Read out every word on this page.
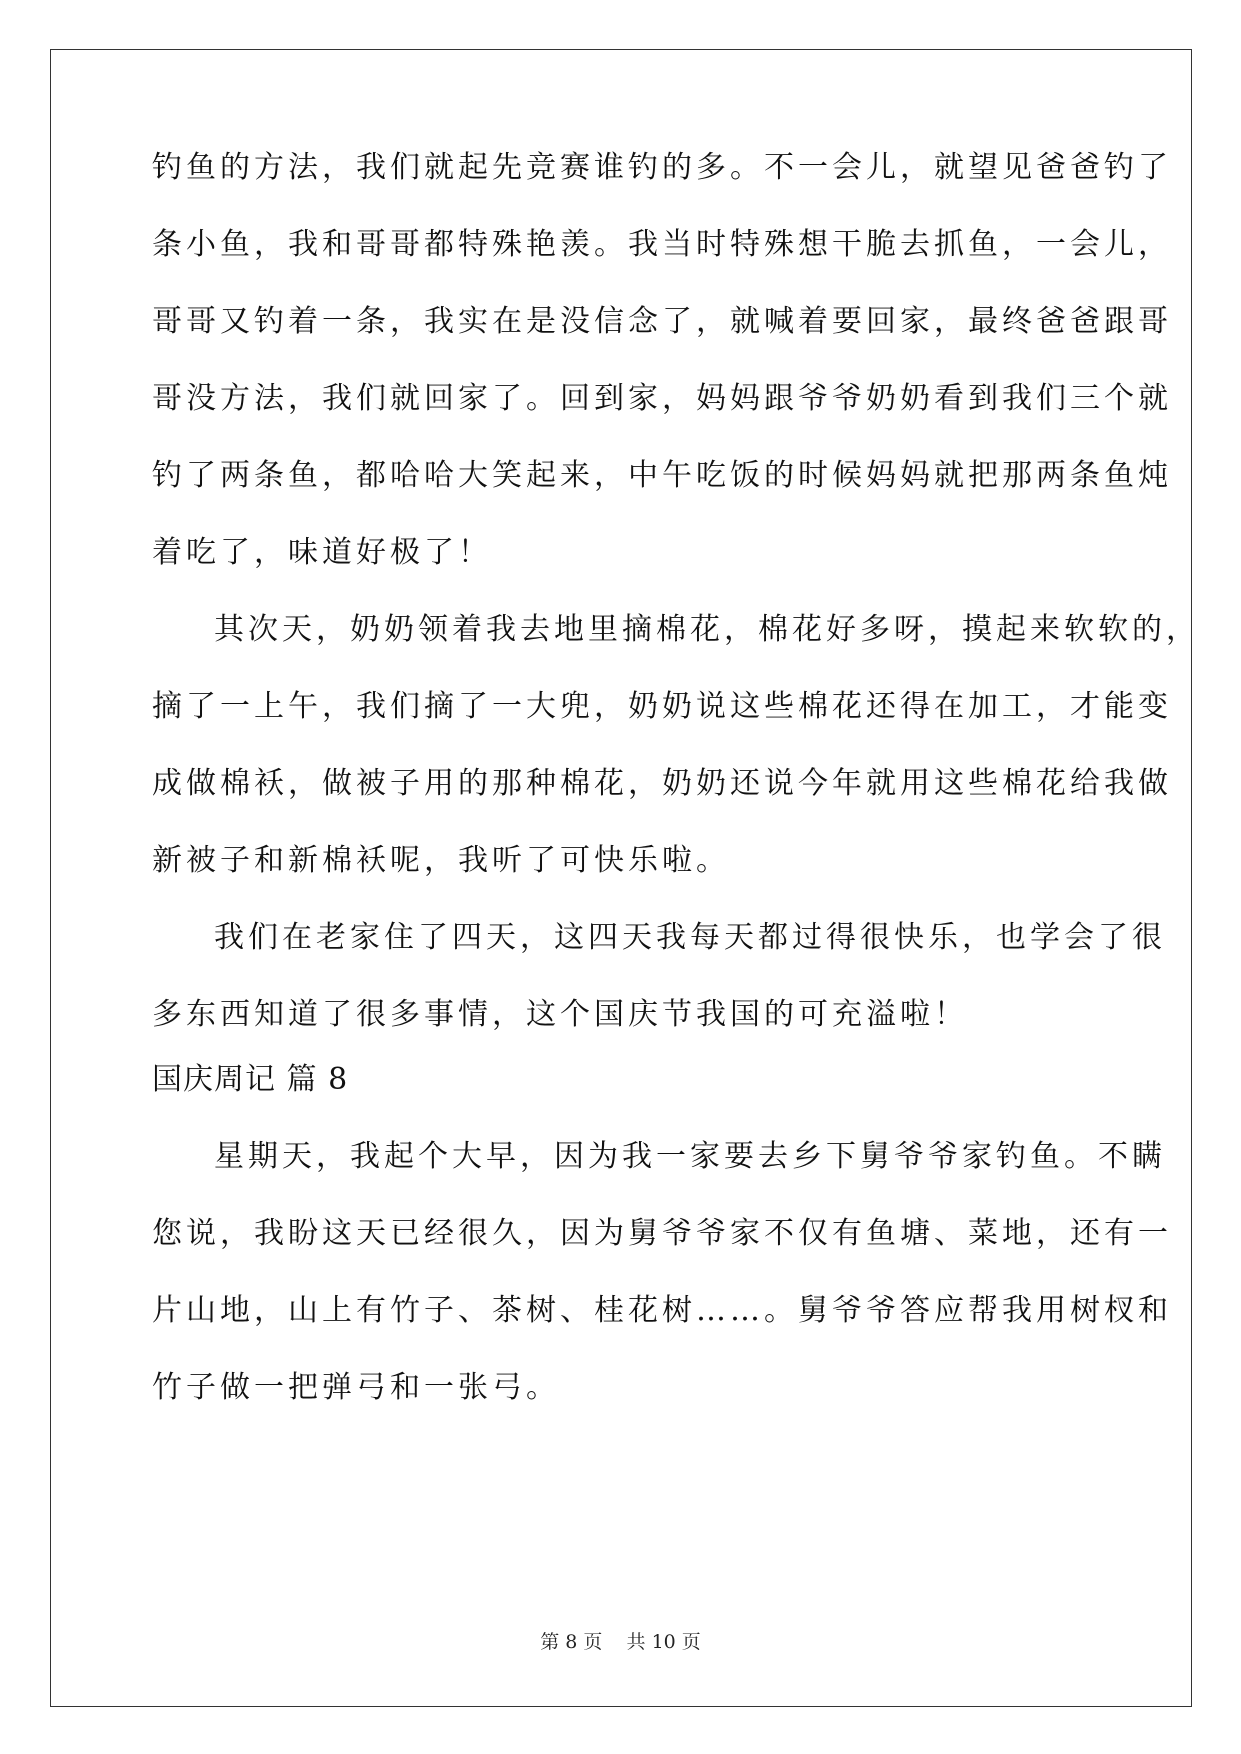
钓鱼的方法，我们就起先竞赛谁钓的多。不一会儿，就望见爸爸钓了
条小鱼，我和哥哥都特殊艳羡。我当时特殊想干脆去抓鱼，一会儿，
哥哥又钓着一条，我实在是没信念了，就喊着要回家，最终爸爸跟哥
哥没方法，我们就回家了。回到家，妈妈跟爷爷奶奶看到我们三个就
钓了两条鱼，都哈哈大笑起来，中午吃饭的时候妈妈就把那两条鱼炖
着吃了，味道好极了！
其次天，奶奶领着我去地里摘棉花，棉花好多呀，摸起来软软的，
摘了一上午，我们摘了一大兜，奶奶说这些棉花还得在加工，才能变
成做棉袄，做被子用的那种棉花，奶奶还说今年就用这些棉花给我做
新被子和新棉袄呢，我听了可快乐啦。
我们在老家住了四天，这四天我每天都过得很快乐，也学会了很
多东西知道了很多事情，这个国庆节我国的可充溢啦！
国庆周记 篇 8
星期天，我起个大早，因为我一家要去乡下舅爷爷家钓鱼。不瞒
您说，我盼这天已经很久，因为舅爷爷家不仅有鱼塘、菜地，还有一
片山地，山上有竹子、茶树、桂花树……。舅爷爷答应帮我用树杈和
竹子做一把弹弓和一张弓。
第 8 页    共 10 页
